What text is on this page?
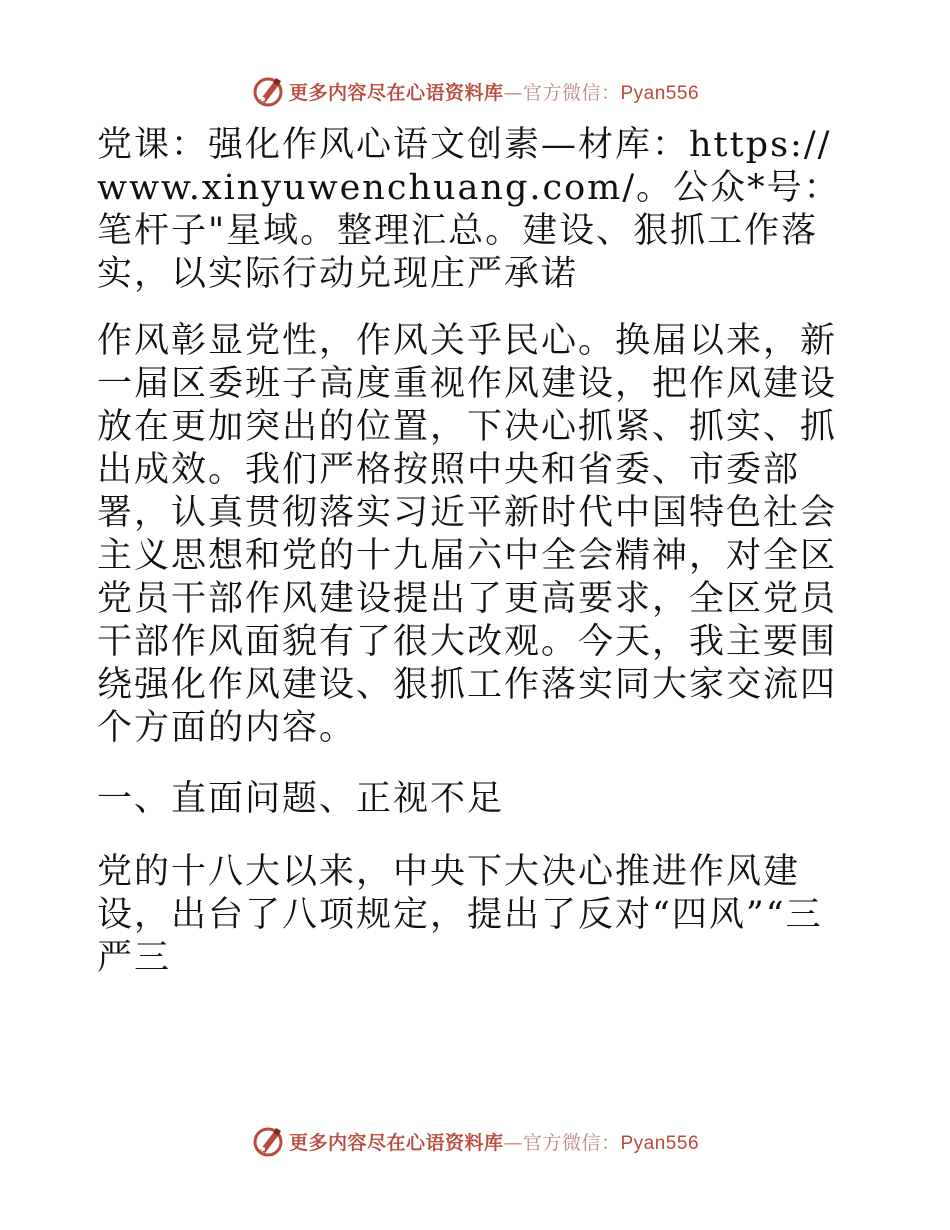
更多内容尽在心语资料库—官方微信：Pyan556

党课：强化作风心语文创素—材库：https://www.xinyuwenchuang.com/。公众*号：笔杆子"星域。整理汇总。建设、狠抓工作落实，以实际行动兑现庄严承诺

作风彰显党性，作风关乎民心。换届以来，新一届区委班子高度重视作风建设，把作风建设放在更加突出的位置，下决心抓紧、抓实、抓出成效。我们严格按照中央和省委、市委部署，认真贯彻落实习近平新时代中国特色社会主义思想和党的十九届六中全会精神，对全区党员干部作风建设提出了更高要求，全区党员干部作风面貌有了很大改观。今天，我主要围绕强化作风建设、狠抓工作落实同大家交流四个方面的内容。

一、直面问题、正视不足

党的十八大以来，中央下大决心推进作风建设，出台了八项规定，提出了反对“四风”“三严三

更多内容尽在心语资料库—官方微信：Pyan556
